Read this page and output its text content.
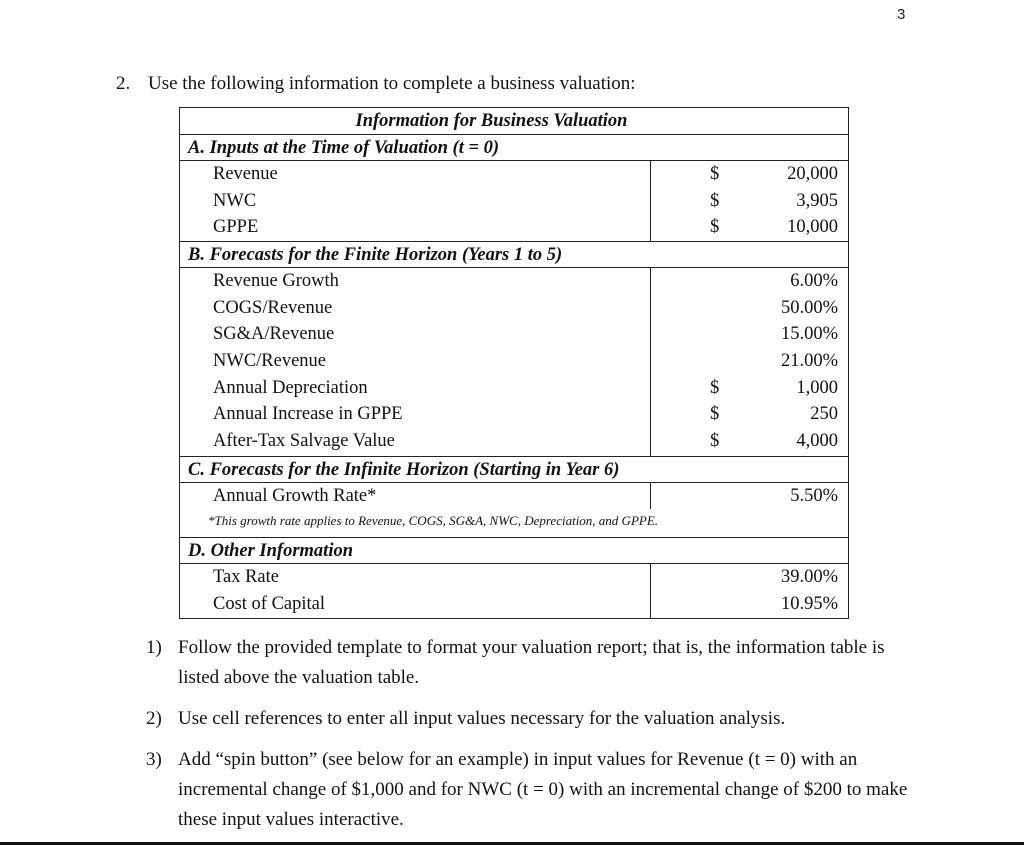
3
2. Use the following information to complete a business valuation:
Information for Business Valuation
A. Inputs at the Time of Valuation (t = 0)
Revenue	$	20,000
NWC	$	3,905
GPPE	$	10,000
B. Forecasts for the Finite Horizon (Years 1 to 5)
Revenue Growth	6.00%
COGS/Revenue	50.00%
SG&A/Revenue	15.00%
NWC/Revenue	21.00%
Annual Depreciation	$	1,000
Annual Increase in GPPE	$	250
After-Tax Salvage Value	$	4,000
C. Forecasts for the Infinite Horizon (Starting in Year 6)
Annual Growth Rate*	5.50%
*This growth rate applies to Revenue, COGS, SG&A, NWC, Depreciation, and GPPE.
D. Other Information
Tax Rate	39.00%
Cost of Capital	10.95%
1) Follow the provided template to format your valuation report; that is, the information table is listed above the valuation table.
2) Use cell references to enter all input values necessary for the valuation analysis.
3) Add “spin button” (see below for an example) in input values for Revenue (t = 0) with an incremental change of $1,000 and for NWC (t = 0) with an incremental change of $200 to make these input values interactive.
